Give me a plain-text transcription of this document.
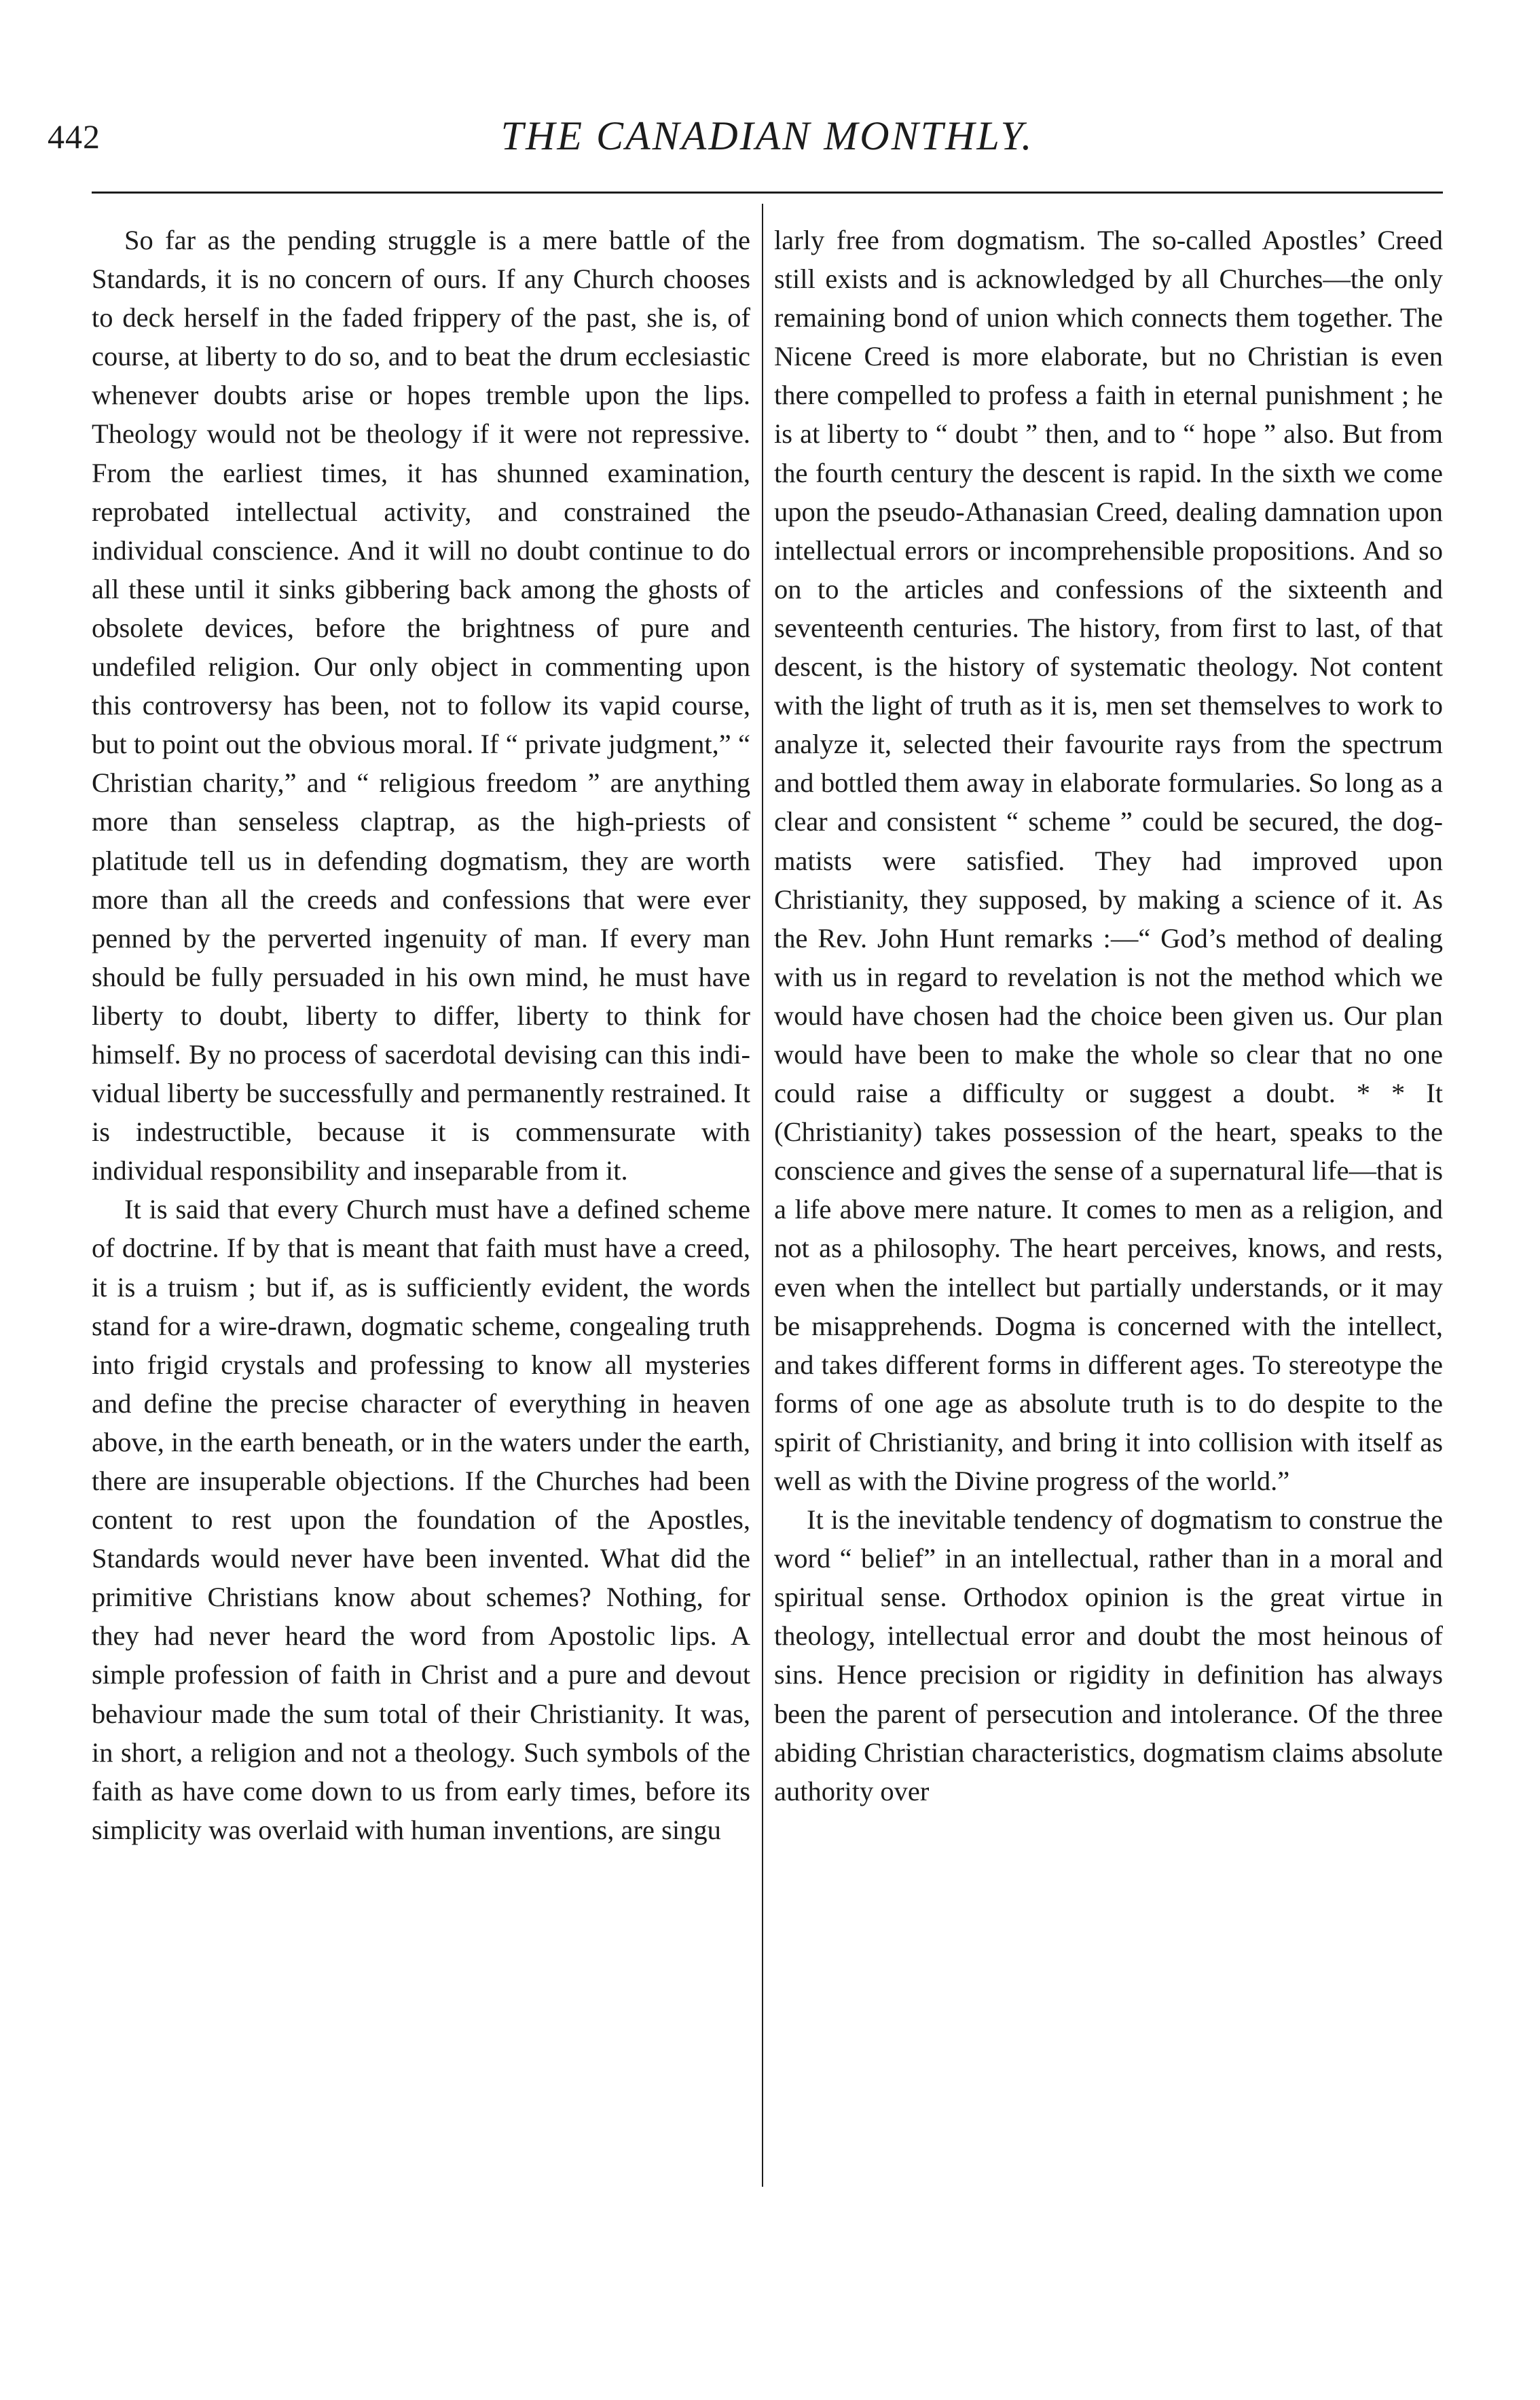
442	THE CANADIAN MONTHLY.

So far as the pending struggle is a mere battle of the Standards, it is no concern of ours. If any Church chooses to deck herself in the faded frippery of the past, she is, of course, at liberty to do so, and to beat the drum ecclesiastic whenever doubts arise or hopes tremble upon the lips. Theology would not be theology if it were not repressive. From the earliest times, it has shunned examination, reprobated intellectual activity, and constrained the individual conscience. And it will no doubt continue to do all these until it sinks gibbering back among the ghosts of obsolete devices, before the brightness of pure and undefiled religion. Our only object in commenting upon this controversy has been, not to follow its vapid course, but to point out the obvious moral. If “ private judgment,” “ Christian charity,” and “ religious freedom ” are anything more than senseless claptrap, as the high-priests of platitude tell us in defending dogmatism, they are worth more than all the creeds and confessions that were ever penned by the perverted ingenuity of man. If every man should be fully persuaded in his own mind, he must have liberty to doubt, liberty to differ, liberty to think for himself. By no process of sacerdotal devising can this individual liberty be successfully and permanently restrained. It is indestructible, because it is commensurate with individual responsibility and inseparable from it.

It is said that every Church must have a defined scheme of doctrine. If by that is meant that faith must have a creed, it is a truism ; but if, as is sufficiently evident, the words stand for a wire-drawn, dogmatic scheme, congealing truth into frigid crystals and professing to know all mysteries and define the precise character of everything in heaven above, in the earth beneath, or in the waters under the earth, there are insuperable objections. If the Churches had been content to rest upon the foundation of the Apostles, Standards would never have been invented. What did the primitive Christians know about schemes? Nothing, for they had never heard the word from Apostolic lips. A simple profession of faith in Christ and a pure and devout behaviour made the sum total of their Christianity. It was, in short, a religion and not a theology. Such symbols of the faith as have come down to us from early times, before its simplicity was overlaid with human inventions, are singu

larly free from dogmatism. The so-called Apostles’ Creed still exists and is acknowledged by all Churches—the only remaining bond of union which connects them together. The Nicene Creed is more elaborate, but no Christian is even there compelled to profess a faith in eternal punishment ; he is at liberty to “ doubt ” then, and to “ hope ” also. But from the fourth century the descent is rapid. In the sixth we come upon the pseudo-Athanasian Creed, dealing damnation upon intellectual errors or incomprehensible propositions. And so on to the articles and confessions of the sixteenth and seventeenth centuries. The history, from first to last, of that descent, is the history of systematic theology. Not content with the light of truth as it is, men set themselves to work to analyze it, selected their favourite rays from the spectrum and bottled them away in elaborate formularies. So long as a clear and consistent “ scheme ” could be secured, the dogmatists were satisfied. They had improved upon Christianity, they supposed, by making a science of it. As the Rev. John Hunt remarks :—“ God’s method of dealing with us in regard to revelation is not the method which we would have chosen had the choice been given us. Our plan would have been to make the whole so clear that no one could raise a difficulty or suggest a doubt. * * It (Christianity) takes possession of the heart, speaks to the conscience and gives the sense of a supernatural life—that is a life above mere nature. It comes to men as a religion, and not as a philosophy. The heart perceives, knows, and rests, even when the intellect but partially understands, or it may be misapprehends. Dogma is concerned with the intellect, and takes different forms in different ages. To stereotype the forms of one age as absolute truth is to do despite to the spirit of Christianity, and bring it into collision with itself as well as with the Divine progress of the world.”

It is the inevitable tendency of dogmatism to construe the word “ belief” in an intellectual, rather than in a moral and spiritual sense. Orthodox opinion is the great virtue in theology, intellectual error and doubt the most heinous of sins. Hence precision or rigidity in definition has always been the parent of persecution and intolerance. Of the three abiding Christian characteristics, dogmatism claims absolute authority over
